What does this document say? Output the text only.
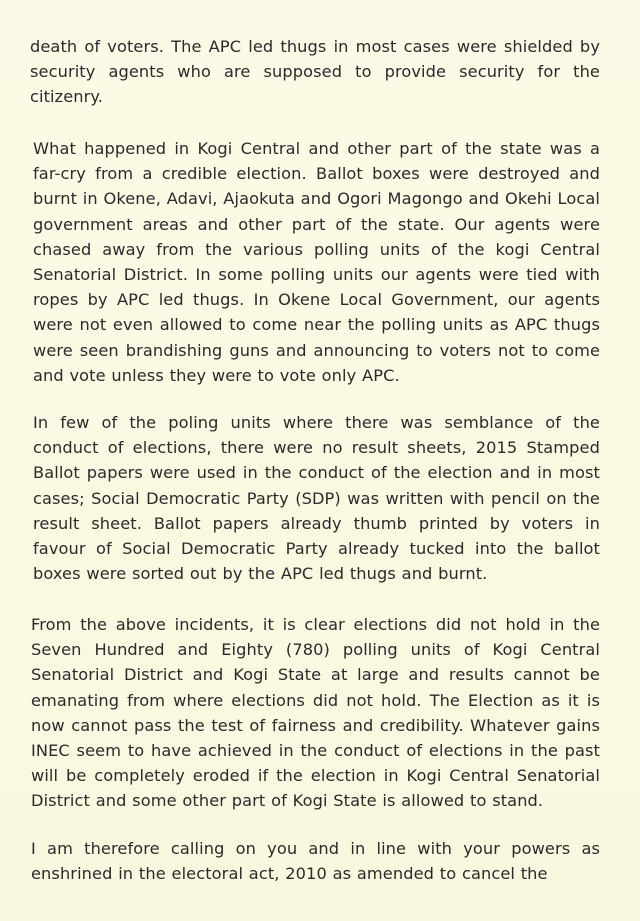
death of voters. The APC led thugs in most cases were shielded by security agents who are supposed to provide security for the citizenry.

What happened in Kogi Central and other part of the state was a far-cry from a credible election. Ballot boxes were destroyed and burnt in Okene, Adavi, Ajaokuta and Ogori Magongo and Okehi Local government areas and other part of the state. Our agents were chased away from the various polling units of the kogi Central Senatorial District. In some polling units our agents were tied with ropes by APC led thugs. In Okene Local Government, our agents were not even allowed to come near the polling units as APC thugs were seen brandishing guns and announcing to voters not to come and vote unless they were to vote only APC.

In few of the poling units where there was semblance of the conduct of elections, there were no result sheets, 2015 Stamped Ballot papers were used in the conduct of the election and in most cases; Social Democratic Party (SDP) was written with pencil on the result sheet. Ballot papers already thumb printed by voters in favour of Social Democratic Party already tucked into the ballot boxes were sorted out by the APC led thugs and burnt.

From the above incidents, it is clear elections did not hold in the Seven Hundred and Eighty (780) polling units of Kogi Central Senatorial District and Kogi State at large and results cannot be emanating from where elections did not hold. The Election as it is now cannot pass the test of fairness and credibility. Whatever gains INEC seem to have achieved in the conduct of elections in the past will be completely eroded if the election in Kogi Central Senatorial District and some other part of Kogi State is allowed to stand.

I am therefore calling on you and in line with your powers as enshrined in the electoral act, 2010 as amended to cancel the
